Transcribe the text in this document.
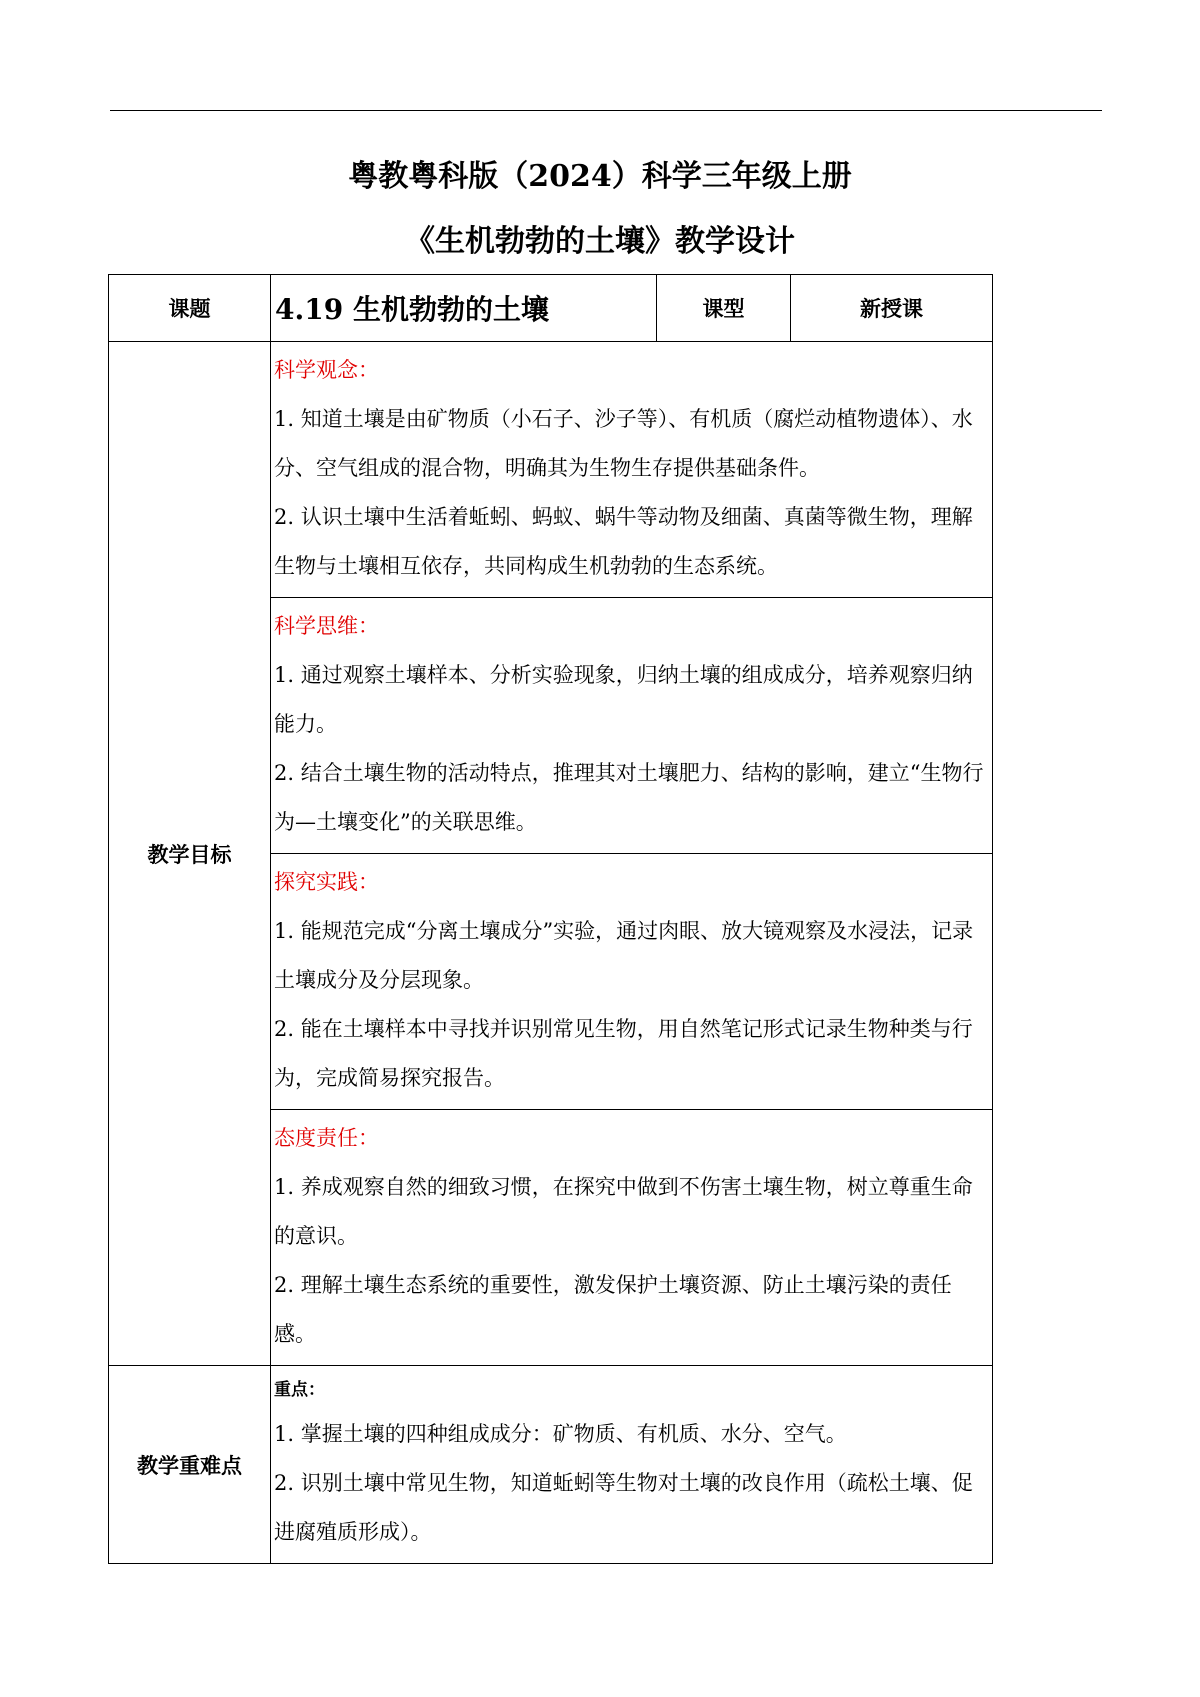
粤教粤科版（2024）科学三年级上册
《生机勃勃的土壤》教学设计
课题	4.19 生机勃勃的土壤	课型	新授课
教学目标	科学观念：

1. 知道土壤是由矿物质（小石子、沙子等）、有机质（腐烂动植物遗体）、水分、空气组成的混合物，明确其为生物生存提供基础条件。

2. 认识土壤中生活着蚯蚓、蚂蚁、蜗牛等动物及细菌、真菌等微生物，理解生物与土壤相互依存，共同构成生机勃勃的生态系统。		

	科学思维：

1. 通过观察土壤样本、分析实验现象，归纳土壤的组成成分，培养观察归纳能力。

2. 结合土壤生物的活动特点，推理其对土壤肥力、结构的影响，建立“生物行为—土壤变化”的关联思维。		

	探究实践：

1. 能规范完成“分离土壤成分”实验，通过肉眼、放大镜观察及水浸法，记录土壤成分及分层现象。

2. 能在土壤样本中寻找并识别常见生物，用自然笔记形式记录生物种类与行为，完成简易探究报告。		

	态度责任：

1. 养成观察自然的细致习惯，在探究中做到不伤害土壤生物，树立尊重生命的意识。

2. 理解土壤生态系统的重要性，激发保护土壤资源、防止土壤污染的责任感。		

教学重难点	重点：

1. 掌握土壤的四种组成成分：矿物质、有机质、水分、空气。

2. 识别土壤中常见生物，知道蚯蚓等生物对土壤的改良作用（疏松土壤、促进腐殖质形成）。		
